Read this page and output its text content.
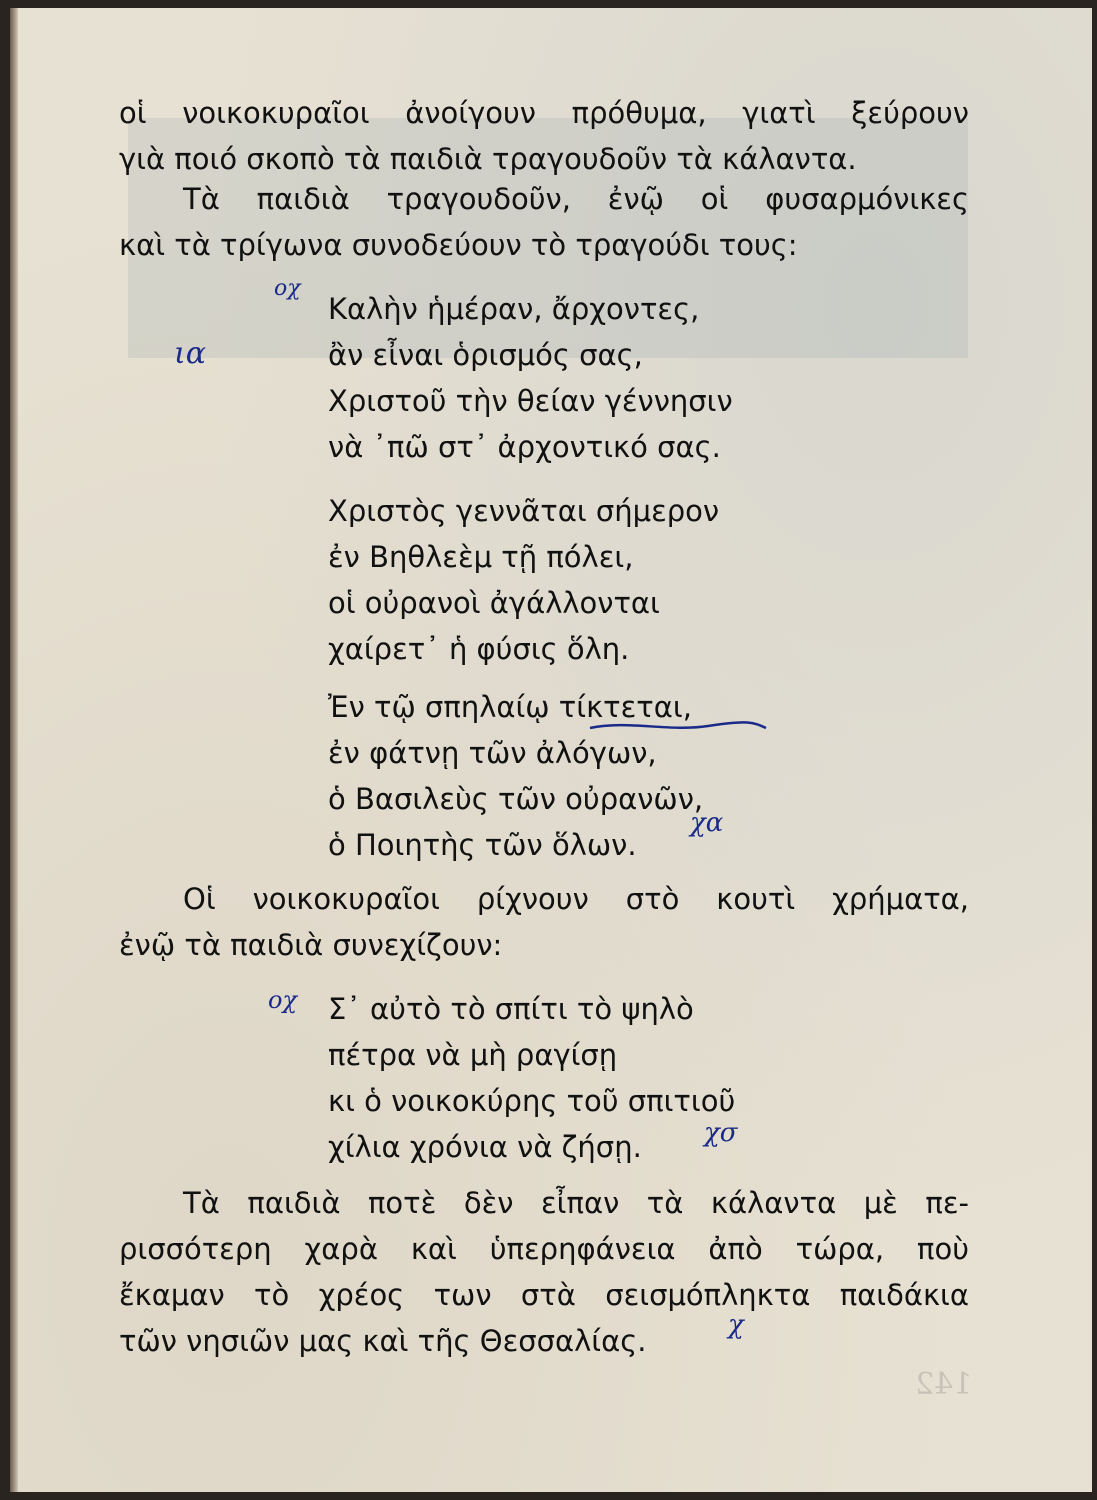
οἱ νοικοκυραῖοι ἀνοίγουν πρόθυμα, γιατὶ ξεύρουν
γιὰ ποιό σκοπὸ τὰ παιδιὰ τραγουδοῦν τὰ κάλαντα.
Τὰ παιδιὰ τραγουδοῦν, ἐνῷ οἱ φυσαρμόνικες
καὶ τὰ τρίγωνα συνοδεύουν τὸ τραγούδι τους:
Καλὴν ἡμέραν, ἄρχοντες,
ἂν εἶναι ὁρισμός σας,
Χριστοῦ τὴν θείαν γέννησιν
νὰ ᾽πῶ στ᾽ ἀρχοντικό σας.
Χριστὸς γεννᾶται σήμερον
ἐν Βηθλεὲμ τῇ πόλει,
οἱ οὐρανοὶ ἀγάλλονται
χαίρετ᾽ ἡ φύσις ὅλη.
Ἐν τῷ σπηλαίῳ τίκτεται,
ἐν φάτνῃ τῶν ἀλόγων,
ὁ Βασιλεὺς τῶν οὐρανῶν,
ὁ Ποιητὴς τῶν ὅλων.
Οἱ νοικοκυραῖοι ρίχνουν στὸ κουτὶ χρήματα,
ἐνῷ τὰ παιδιὰ συνεχίζουν:
Σ᾽ αὐτὸ τὸ σπίτι τὸ ψηλὸ
πέτρα νὰ μὴ ραγίσῃ
κι ὁ νοικοκύρης τοῦ σπιτιοῦ
χίλια χρόνια νὰ ζήσῃ.
Τὰ παιδιὰ ποτὲ δὲν εἶπαν τὰ κάλαντα μὲ πε-
ρισσότερη χαρὰ καὶ ὑπερηφάνεια ἀπὸ τώρα, ποὺ
ἔκαμαν τὸ χρέος των στὰ σεισμόπληκτα παιδάκια
τῶν νησιῶν μας καὶ τῆς Θεσσαλίας.
οχ
ια
χα
οχ
χσ
χ
142
